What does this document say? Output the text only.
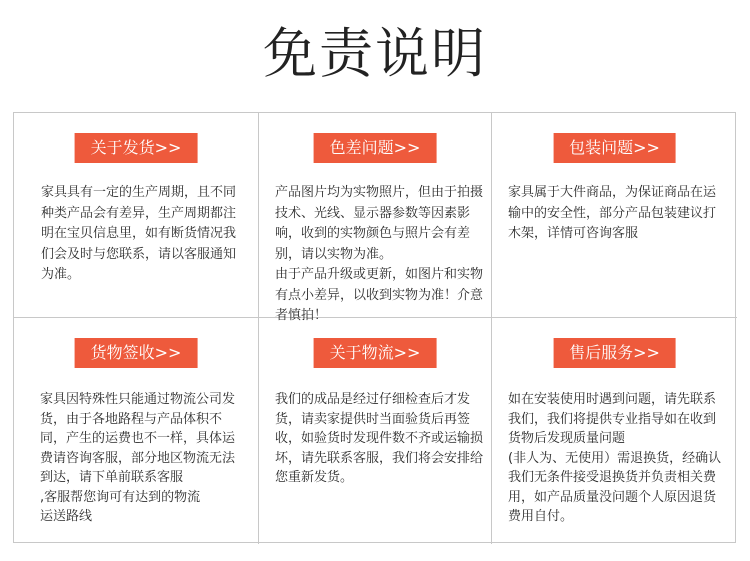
免责说明
关于发货>>
家具具有一定的生产周期，且不同种类产品会有差异，生产周期都注明在宝贝信息里，如有断货情况我们会及时与您联系，请以客服通知为准。
色差问题>>
产品图片均为实物照片，但由于拍摄技术、光线、显示器参数等因素影响，收到的实物颜色与照片会有差别，请以实物为准。
由于产品升级或更新，如图片和实物有点小差异，以收到实物为准！介意者慎拍！
包装问题>>
家具属于大件商品，为保证商品在运输中的安全性，部分产品包装建议打木架，详情可咨询客服
货物签收>>
家具因特殊性只能通过物流公司发货，由于各地路程与产品体积不同，产生的运费也不一样，具体运费请咨询客服，部分地区物流无法到达，请下单前联系客服
,客服帮您询可有达到的物流
运送路线
关于物流>>
我们的成品是经过仔细检查后才发货，请卖家提供时当面验货后再签收，如验货时发现件数不齐或运输损坏，请先联系客服，我们将会安排给您重新发货。
售后服务>>
如在安装使用时遇到问题，请先联系我们，我们将提供专业指导如在收到货物后发现质量问题
(非人为、无使用）需退换货，经确认我们无条件接受退换货并负责相关费用，如产品质量没问题个人原因退货费用自付。
